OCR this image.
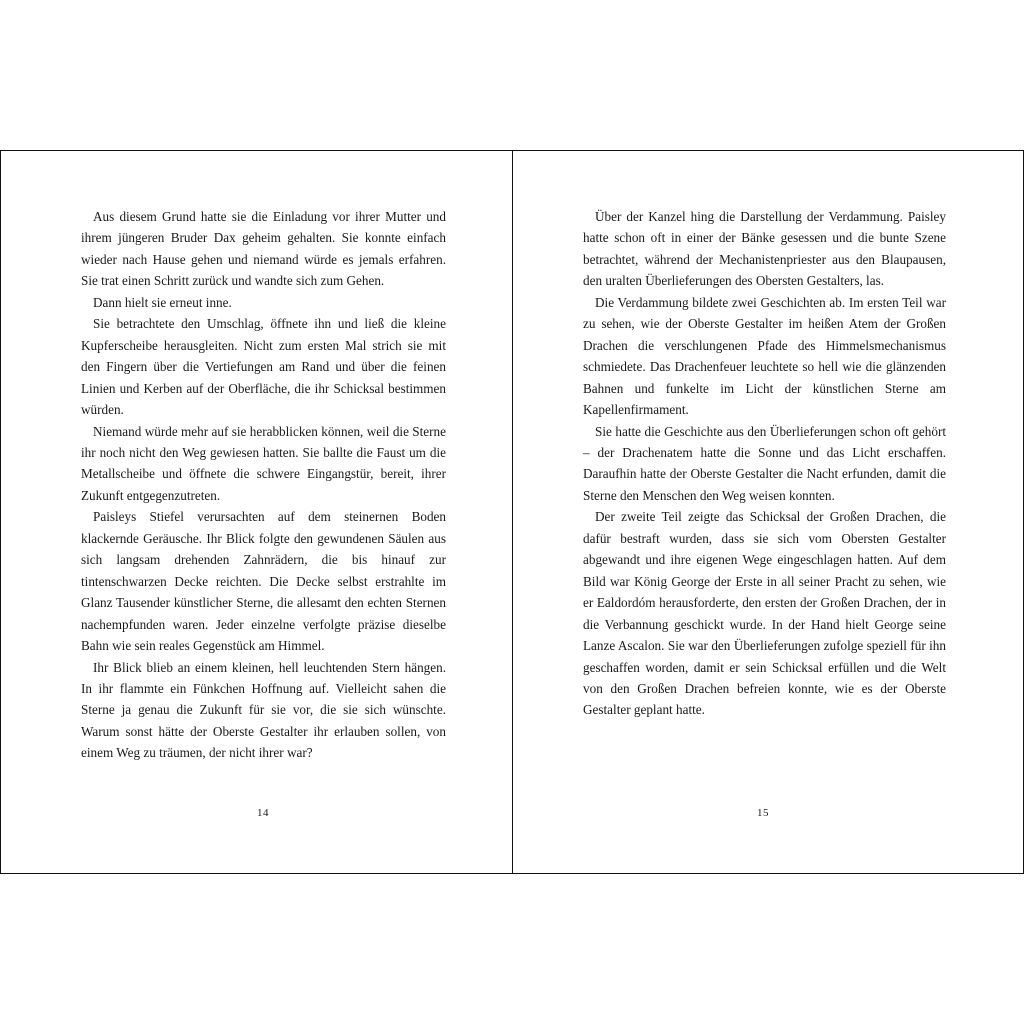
Aus diesem Grund hatte sie die Einladung vor ihrer Mutter und ihrem jüngeren Bruder Dax geheim gehalten. Sie konnte einfach wieder nach Hause gehen und niemand würde es jemals erfahren. Sie trat einen Schritt zurück und wandte sich zum Gehen.

Dann hielt sie erneut inne.

Sie betrachtete den Umschlag, öffnete ihn und ließ die kleine Kupferscheibe herausgleiten. Nicht zum ersten Mal strich sie mit den Fingern über die Vertiefungen am Rand und über die feinen Linien und Kerben auf der Oberfläche, die ihr Schicksal bestimmen würden.

Niemand würde mehr auf sie herabblicken können, weil die Sterne ihr noch nicht den Weg gewiesen hatten. Sie ballte die Faust um die Metallscheibe und öffnete die schwere Eingangstür, bereit, ihrer Zukunft entgegenzutreten.

Paisleys Stiefel verursachten auf dem steinernen Boden klackernde Geräusche. Ihr Blick folgte den gewundenen Säulen aus sich langsam drehenden Zahnrädern, die bis hinauf zur tintenschwarzen Decke reichten. Die Decke selbst erstrahlte im Glanz Tausender künstlicher Sterne, die allesamt den echten Sternen nachempfunden waren. Jeder einzelne verfolgte präzise dieselbe Bahn wie sein reales Gegenstück am Himmel.

Ihr Blick blieb an einem kleinen, hell leuchtenden Stern hängen. In ihr flammte ein Fünkchen Hoffnung auf. Vielleicht sahen die Sterne ja genau die Zukunft für sie vor, die sie sich wünschte. Warum sonst hätte der Oberste Gestalter ihr erlauben sollen, von einem Weg zu träumen, der nicht ihrer war?

14

Über der Kanzel hing die Darstellung der Verdammung. Paisley hatte schon oft in einer der Bänke gesessen und die bunte Szene betrachtet, während der Mechanistenpriester aus den Blaupausen, den uralten Überlieferungen des Obersten Gestalters, las.

Die Verdammung bildete zwei Geschichten ab. Im ersten Teil war zu sehen, wie der Oberste Gestalter im heißen Atem der Großen Drachen die verschlungenen Pfade des Himmelsmechanismus schmiedete. Das Drachenfeuer leuchtete so hell wie die glänzenden Bahnen und funkelte im Licht der künstlichen Sterne am Kapellenfirmament.

Sie hatte die Geschichte aus den Überlieferungen schon oft gehört – der Drachenatem hatte die Sonne und das Licht erschaffen. Daraufhin hatte der Oberste Gestalter die Nacht erfunden, damit die Sterne den Menschen den Weg weisen konnten.

Der zweite Teil zeigte das Schicksal der Großen Drachen, die dafür bestraft wurden, dass sie sich vom Obersten Gestalter abgewandt und ihre eigenen Wege eingeschlagen hatten. Auf dem Bild war König George der Erste in all seiner Pracht zu sehen, wie er Ealdordóm herausforderte, den ersten der Großen Drachen, der in die Verbannung geschickt wurde. In der Hand hielt George seine Lanze Ascalon. Sie war den Überlieferungen zufolge speziell für ihn geschaffen worden, damit er sein Schicksal erfüllen und die Welt von den Großen Drachen befreien konnte, wie es der Oberste Gestalter geplant hatte.

15
